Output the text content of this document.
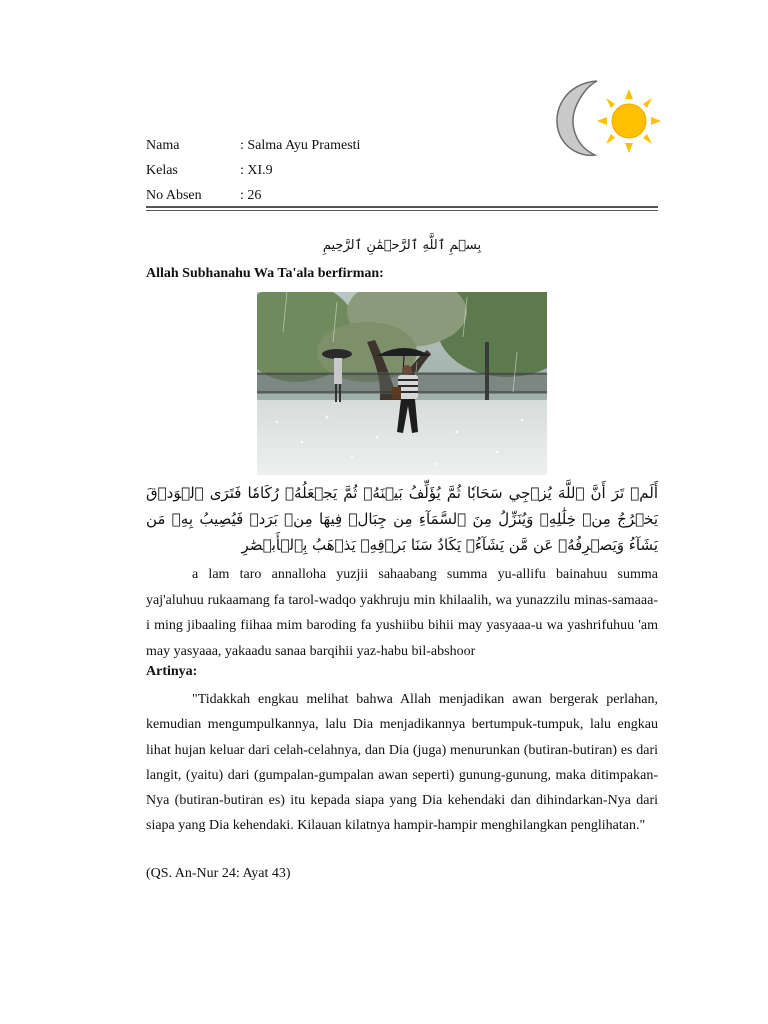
Nama	: Salma Ayu Pramesti
Kelas	: XI.9
No Absen	: 26
بِسۡمِ ٱللَّهِ ٱلرَّحۡمَٰنِ ٱلرَّحِيمِ
Allah Subhanahu Wa Ta'ala berfirman:
أَلَمۡ تَرَ أَنَّ ٱللَّهَ يُزۡجِي سَحَابٗا ثُمَّ يُؤَلِّفُ بَيۡنَهُۥ ثُمَّ يَجۡعَلُهُۥ رُكَامٗا فَتَرَى ٱلۡوَدۡقَ يَخۡرُجُ مِنۡ خِلَٰلِهِۦ وَيُنَزِّلُ مِنَ ٱلسَّمَآءِ مِن جِبَالٖ فِيهَا مِنۢ بَرَدٖ فَيُصِيبُ بِهِۦ مَن يَشَآءُ وَيَصۡرِفُهُۥ عَن مَّن يَشَآءُۖ يَكَادُ سَنَا بَرۡقِهِۦ يَذۡهَبُ بِٱلۡأَبۡصَٰرِ
a lam taro annalloha yuzjii sahaabang summa yu-allifu bainahuu summa yaj'aluhuu rukaamang fa tarol-wadqo yakhruju min khilaalih, wa yunazzilu minas-samaaa-i ming jibaaling fiihaa mim baroding fa yushiibu bihii may yasyaaa-u wa yashrifuhuu 'am may yasyaaa, yakaadu sanaa barqihii yaz-habu bil-abshoor
Artinya:
"Tidakkah engkau melihat bahwa Allah menjadikan awan bergerak perlahan, kemudian mengumpulkannya, lalu Dia menjadikannya bertumpuk-tumpuk, lalu engkau lihat hujan keluar dari celah-celahnya, dan Dia (juga) menurunkan (butiran-butiran) es dari langit, (yaitu) dari (gumpalan-gumpalan awan seperti) gunung-gunung, maka ditimpakan-Nya (butiran-butiran es) itu kepada siapa yang Dia kehendaki dan dihindarkan-Nya dari siapa yang Dia kehendaki. Kilauan kilatnya hampir-hampir menghilangkan penglihatan."
(QS. An-Nur 24: Ayat 43)
